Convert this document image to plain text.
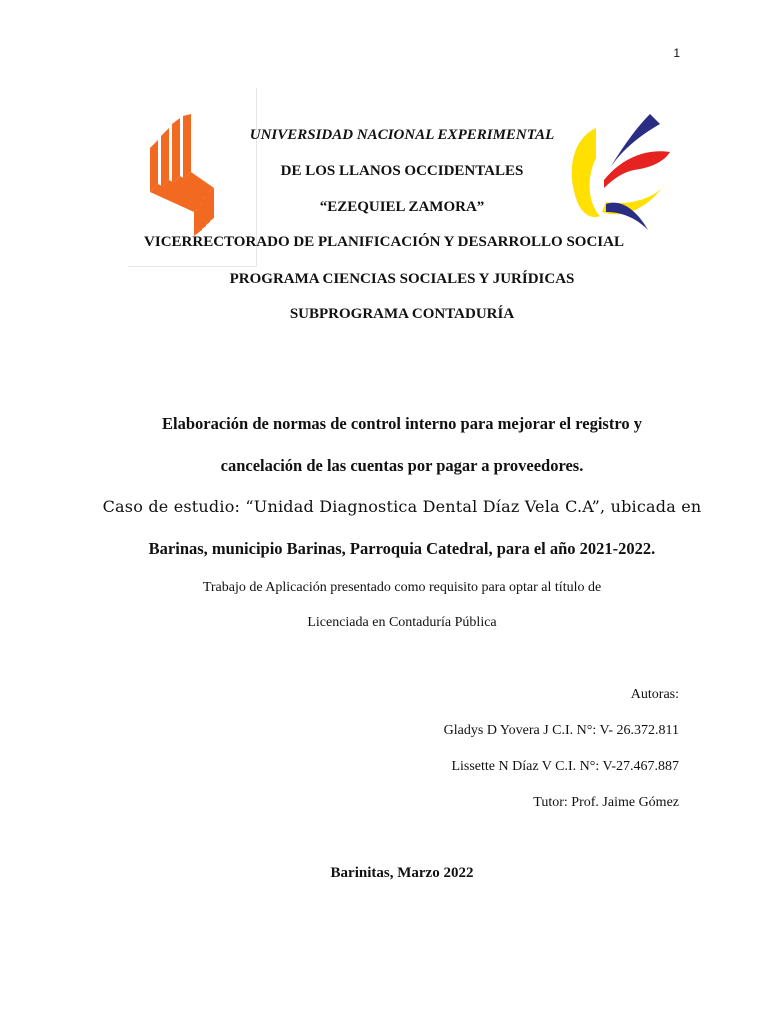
1
UNIVERSIDAD NACIONAL EXPERIMENTAL
DE LOS LLANOS OCCIDENTALES
“EZEQUIEL ZAMORA”
VICERRECTORADO DE PLANIFICACIÓN Y DESARROLLO SOCIAL
PROGRAMA CIENCIAS SOCIALES Y JURÍDICAS
SUBPROGRAMA CONTADURÍA
Elaboración de normas de control interno para mejorar el registro y
cancelación de las cuentas por pagar a proveedores.
Caso de estudio: “Unidad Diagnostica Dental Díaz Vela C.A”, ubicada en
Barinas, municipio Barinas, Parroquia Catedral, para el año 2021-2022.
Trabajo de Aplicación presentado como requisito para optar al título de
Licenciada en Contaduría Pública
Autoras:
Gladys D Yovera J C.I. N°: V- 26.372.811
Lissette N Díaz V C.I. N°: V-27.467.887
Tutor: Prof. Jaime Gómez
Barinitas, Marzo 2022
